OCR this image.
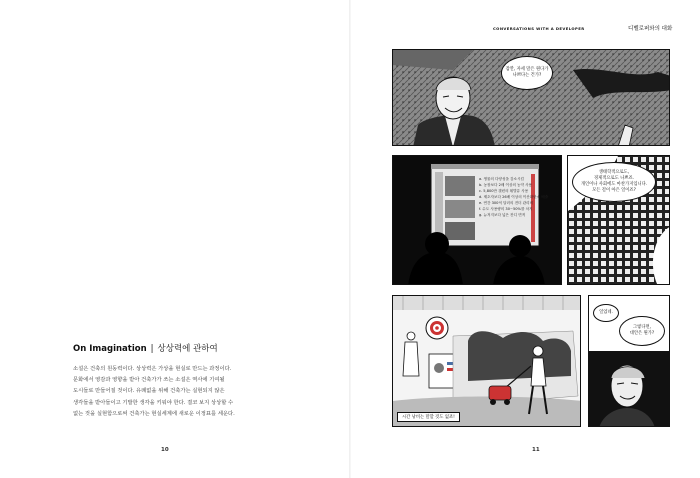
On Imagination | 상상력에 관하여
소설은 건축의 원동력이다. 상상력은 가상을 현실로 만드는 과정이다.
문화에서 영감과 영향을 받아 건축가가 쓰는 소설은 역사에 기여될
도시들로 만들어질 것이다. 유례없을 위해 건축가는 실현되지 않은
생각들을 받아들이고 기발한 생각을 키워야 한다. 결코 보지 상상할 수
없는 것을 실현함으로써 건축가는 현실세계에 새로운 이정표를 세운다.
10
CONVERSATIONS WITH A DEVELOPER	디벨로퍼와의 대화
잠깐, 자세 말은 원다가
나쁘다는 건가?
a. 생물의 다양성을 감소시킴
b. 농장보다 2배 이상의 농약 사용
c. 5,800만 갤런의 휘발유 사용
d. 제초자보다 26배 이상의 이산화탄소 배출
e. 연간 300억 달러의 전더 관리비
f. 수도 사용량의 30~50%를 차지
g. 뉴저지보다 넓은 잔디 면적
생태학적으로도,
경제적으로도 나쁘죠.
개인이나 사회에도 마찬가지입니다.
모든 걸이 아은 일이죠?
시간 낭비는 말할 것도 없죠!
일었네.
그렇다면,
대안은 뭔가?
11
